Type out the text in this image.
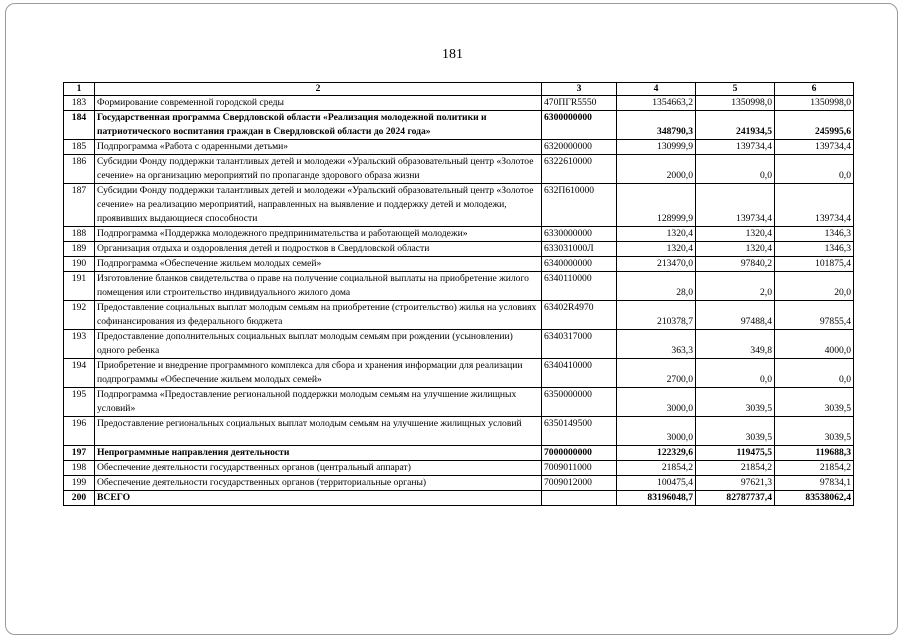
181
1	2	3	4	5	6
183	Формирование современной городской среды	470ПГR5550	1354663,2	1350998,0	1350998,0
184	Государственная программа Свердловской области «Реализация молодежной политики и патриотического воспитания граждан в Свердловской области до 2024 года»	6300000000	348790,3	241934,5	245995,6
185	Подпрограмма «Работа с одаренными детьми»	6320000000	130999,9	139734,4	139734,4
186	Субсидии Фонду поддержки талантливых детей и молодежи «Уральский образовательный центр «Золотое сечение» на организацию мероприятий по пропаганде здорового образа жизни	6322610000	2000,0	0,0	0,0
187	Субсидии Фонду поддержки талантливых детей и молодежи «Уральский образовательный центр «Золотое сечение» на реализацию мероприятий, направленных на выявление и поддержку детей и молодежи, проявивших выдающиеся способности	632П610000	128999,9	139734,4	139734,4
188	Подпрограмма «Поддержка молодежного предпринимательства и работающей молодежи»	6330000000	1320,4	1320,4	1346,3
189	Организация отдыха и оздоровления детей и подростков в Свердловской области	633031000Л	1320,4	1320,4	1346,3
190	Подпрограмма «Обеспечение жильем молодых семей»	6340000000	213470,0	97840,2	101875,4
191	Изготовление бланков свидетельства о праве на получение социальной выплаты на приобретение жилого помещения или строительство индивидуального жилого дома	6340110000	28,0	2,0	20,0
192	Предоставление социальных выплат молодым семьям на приобретение (строительство) жилья на условиях софинансирования из федерального бюджета	63402R4970	210378,7	97488,4	97855,4
193	Предоставление дополнительных социальных выплат молодым семьям при рождении (усыновлении) одного ребенка	6340317000	363,3	349,8	4000,0
194	Приобретение и внедрение программного комплекса для сбора и хранения информации для реализации подпрограммы «Обеспечение жильем молодых семей»	6340410000	2700,0	0,0	0,0
195	Подпрограмма «Предоставление региональной поддержки молодым семьям на улучшение жилищных условий»	6350000000	3000,0	3039,5	3039,5
196	Предоставление региональных социальных выплат молодым семьям на улучшение жилищных условий	6350149500	3000,0	3039,5	3039,5
197	Непрограммные направления деятельности	7000000000	122329,6	119475,5	119688,3
198	Обеспечение деятельности государственных органов (центральный аппарат)	7009011000	21854,2	21854,2	21854,2
199	Обеспечение деятельности государственных органов (территориальные органы)	7009012000	100475,4	97621,3	97834,1
200	ВСЕГО		83196048,7	82787737,4	83538062,4
